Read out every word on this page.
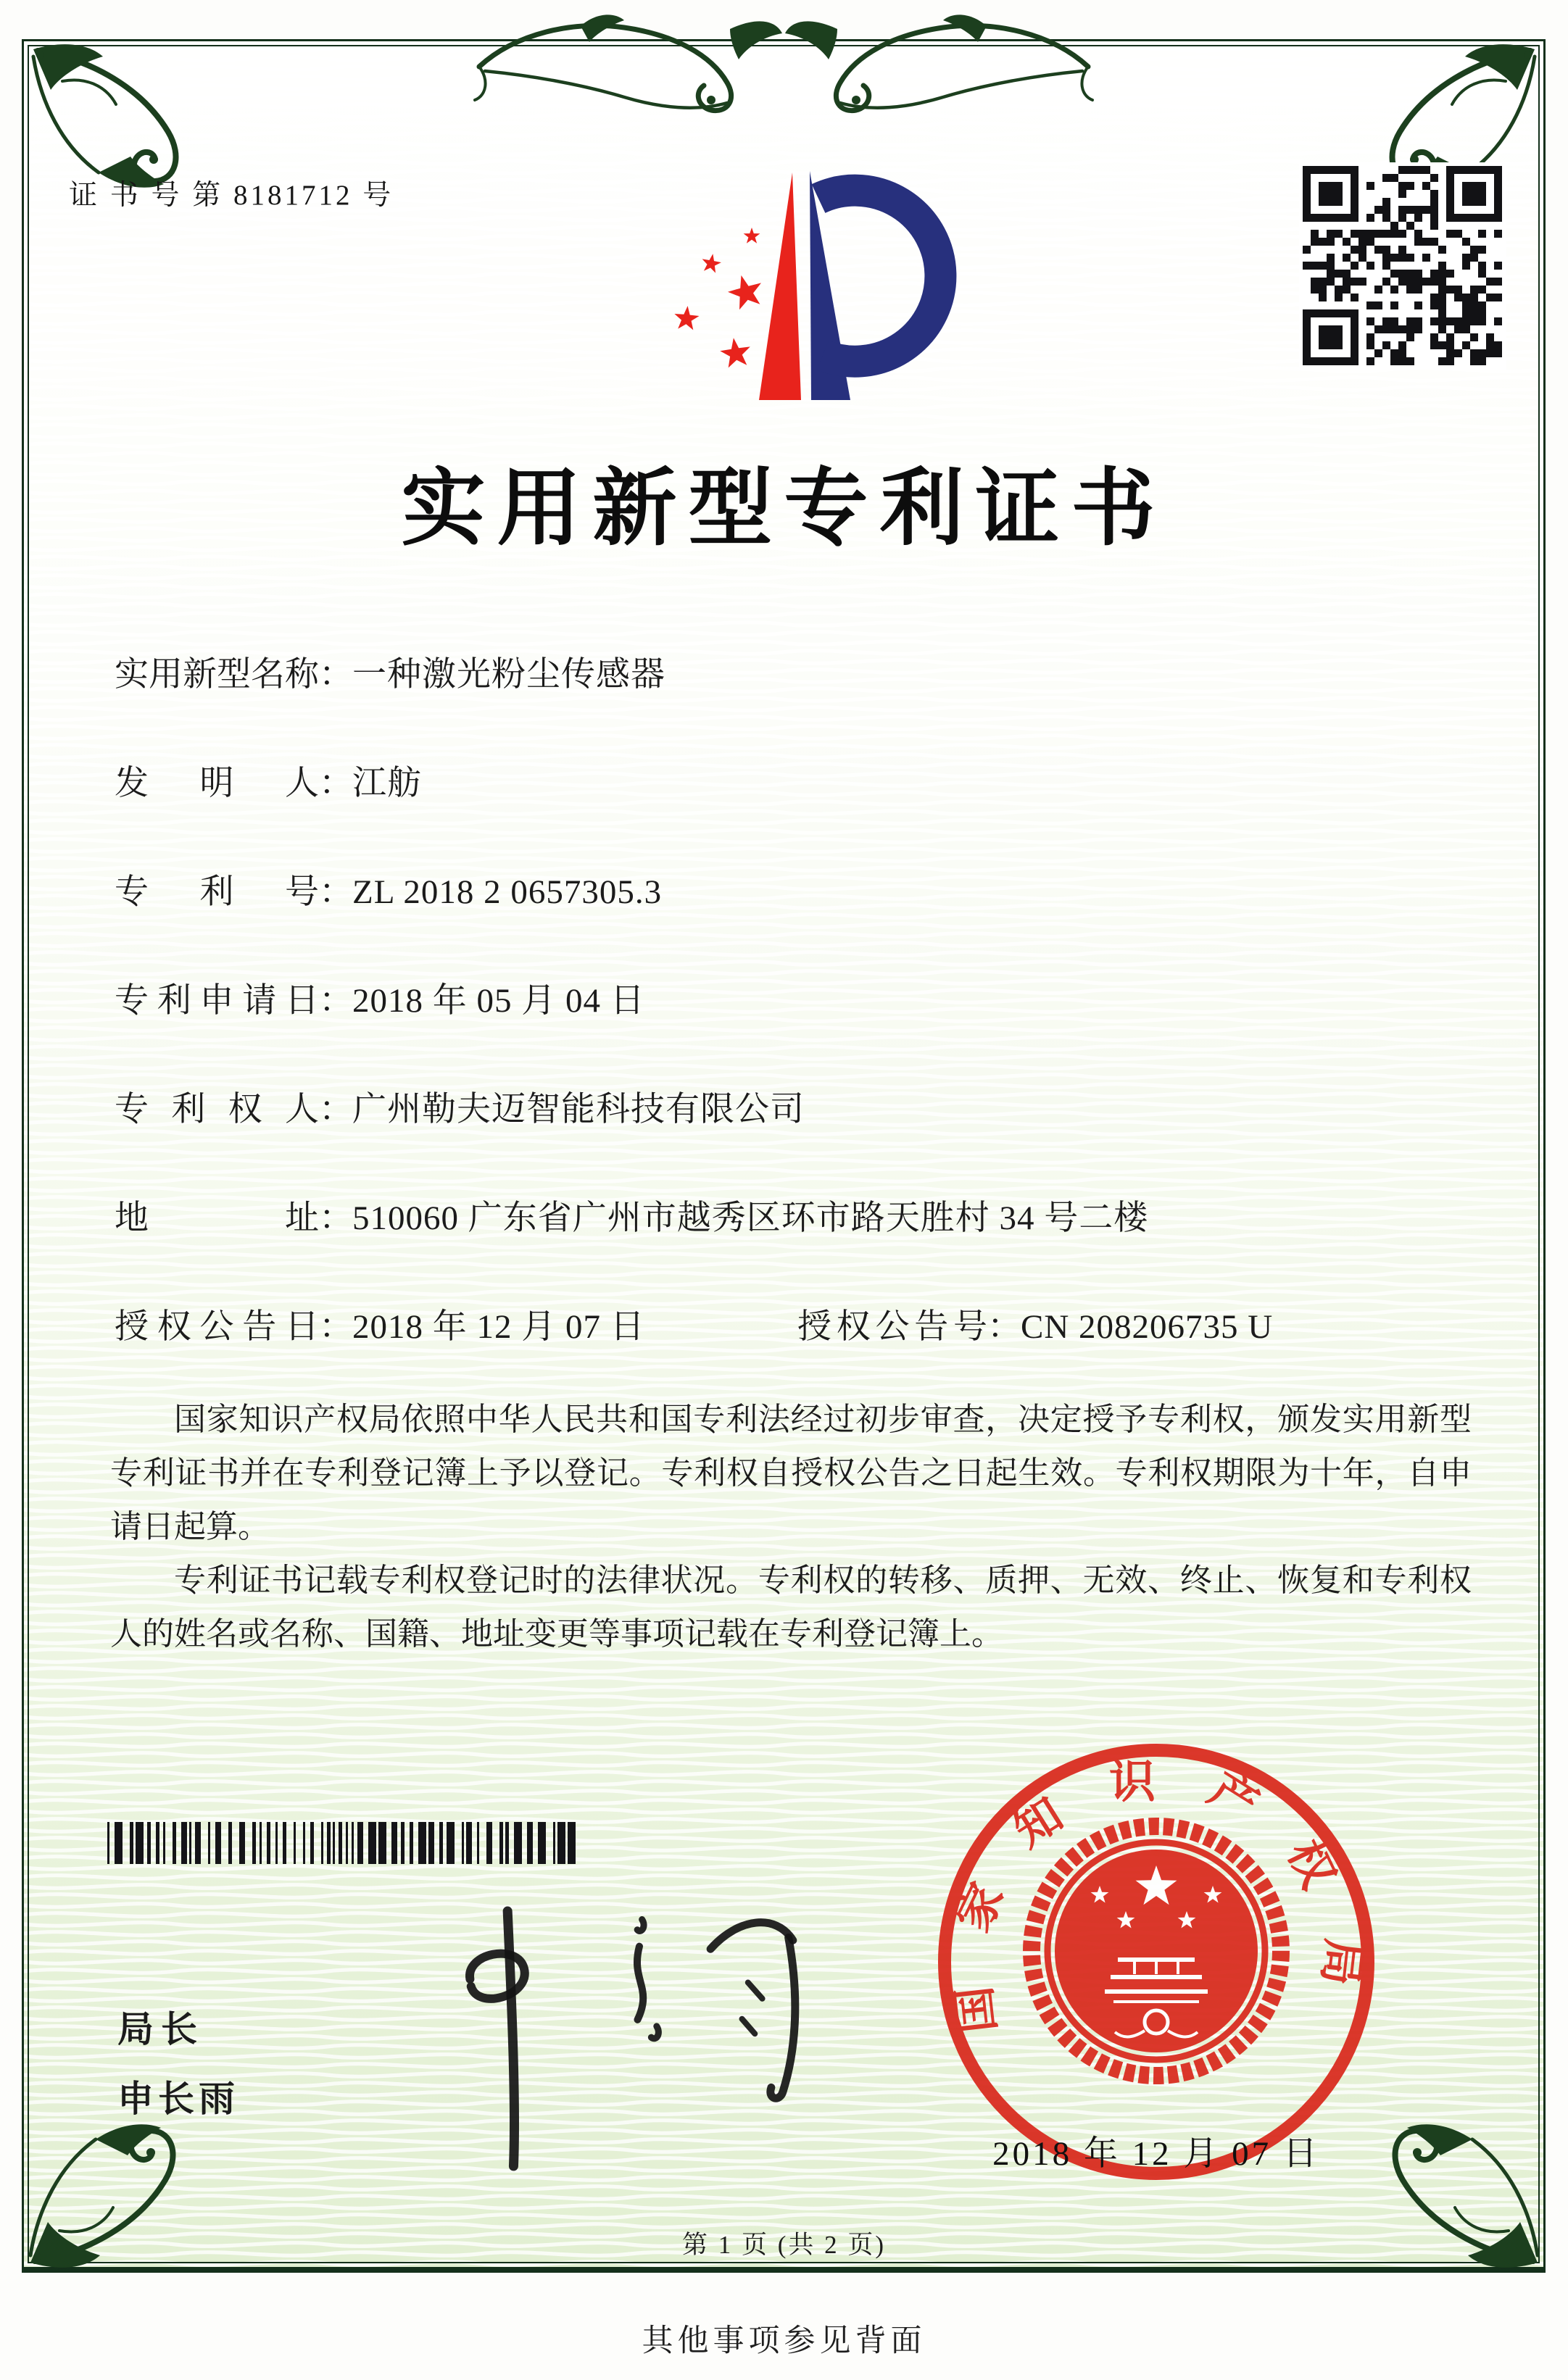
证 书 号 第 8181712 号
实用新型专利证书
实用新型名称：一种激光粉尘传感器
发明人：江舫
专利号：ZL 2018 2 0657305.3
专利申请日：2018 年 05 月 04 日
专利权人：广州勒夫迈智能科技有限公司
地址：510060 广东省广州市越秀区环市路天胜村 34 号二楼
授权公告日：2018 年 12 月 07 日	授权公告号：CN 208206735 U

国家知识产权局依照中华人民共和国专利法经过初步审查，决定授予专利权，颁发实用新型专利证书并在专利登记簿上予以登记。专利权自授权公告之日起生效。专利权期限为十年，自申请日起算。

专利证书记载专利权登记时的法律状况。专利权的转移、质押、无效、终止、恢复和专利权人的姓名或名称、国籍、地址变更等事项记载在专利登记簿上。

局长
申长雨
国家知识产权局
2018 年 12 月 07 日
第 1 页 (共 2 页)
其他事项参见背面
